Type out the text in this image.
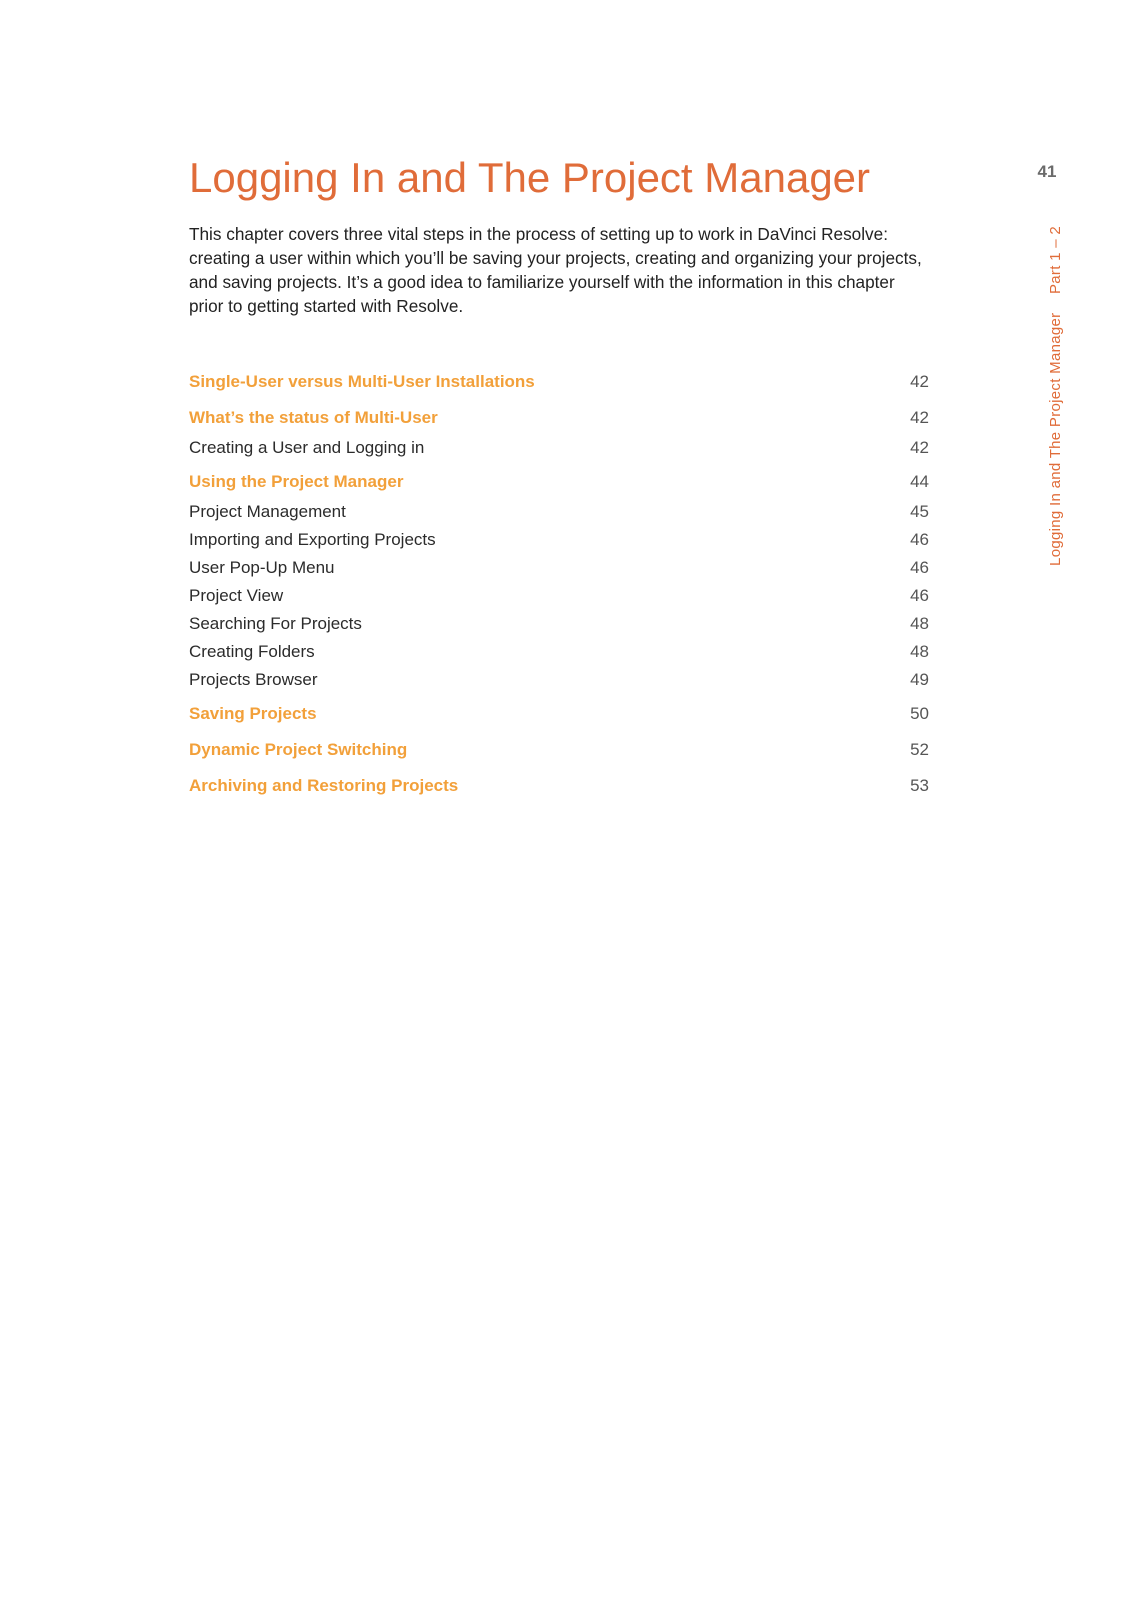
41
Logging In and The Project Manager Part 1 – 2
Logging In and The Project Manager

This chapter covers three vital steps in the process of setting up to work in DaVinci Resolve: creating a user within which you’ll be saving your projects, creating and organizing your projects, and saving projects. It’s a good idea to familiarize yourself with the information in this chapter prior to getting started with Resolve.

Single-User versus Multi-User Installations	42
What’s the status of Multi-User	42
Creating a User and Logging in	42
Using the Project Manager	44
Project Management	45
Importing and Exporting Projects	46
User Pop-Up Menu	46
Project View	46
Searching For Projects	48
Creating Folders	48
Projects Browser	49
Saving Projects	50
Dynamic Project Switching	52
Archiving and Restoring Projects	53
